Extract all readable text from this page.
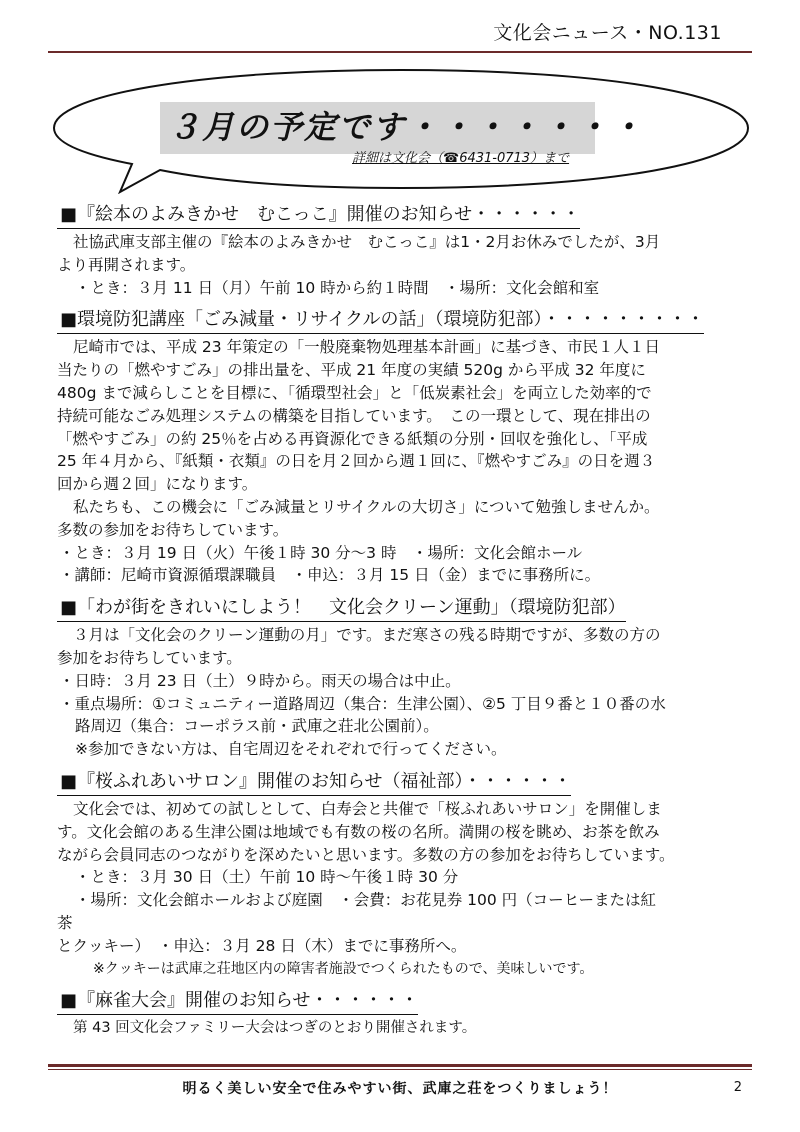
文化会ニュース・NO.131
３月の予定です・・・・・・・
詳細は文化会（☎6431-0713）まで
■『絵本のよみきかせ　むこっこ』開催のお知らせ・・・・・・

社協武庫支部主催の『絵本のよみきかせ　むこっこ』は1・2月お休みでしたが、3月

より再開されます。

・とき：３月 11 日（月）午前 10 時から約１時間　・場所：文化会館和室

■環境防犯講座「ごみ減量・リサイクルの話」（環境防犯部）・・・・・・・・・

尼崎市では、平成 23 年策定の「一般廃棄物処理基本計画」に基づき、市民１人１日

当たりの「燃やすごみ」の排出量を、平成 21 年度の実績 520g から平成 32 年度に

480g まで減らしことを目標に、「循環型社会」と「低炭素社会」を両立した効率的で

持続可能なごみ処理システムの構築を目指しています。　この一環として、現在排出の

「燃やすごみ」の約 25％を占める再資源化できる紙類の分別・回収を強化し、「平成

25 年４月から、『紙類・衣類』の日を月２回から週１回に、『燃やすごみ』の日を週３

回から週２回」になります。

私たちも、この機会に「ごみ減量とリサイクルの大切さ」について勉強しませんか。

多数の参加をお待ちしています。

・とき：３月 19 日（火）午後１時 30 分～3 時　・場所：文化会館ホール

・講師：尼崎市資源循環課職員　・申込：３月 15 日（金）までに事務所に。

■「わが街をきれいにしよう！　文化会クリーン運動」（環境防犯部）

３月は「文化会のクリーン運動の月」です。まだ寒さの残る時期ですが、多数の方の

参加をお待ちしています。

・日時：３月 23 日（土）９時から。雨天の場合は中止。

・重点場所：①コミュニティー道路周辺（集合：生津公園）、②5 丁目９番と１０番の水

路周辺（集合：コーポラス前・武庫之荘北公園前）。

※参加できない方は、自宅周辺をそれぞれで行ってください。

■『桜ふれあいサロン』開催のお知らせ（福祉部）・・・・・・

文化会では、初めての試しとして、白寿会と共催で「桜ふれあいサロン」を開催しま

す。文化会館のある生津公園は地域でも有数の桜の名所。満開の桜を眺め、お茶を飲み

ながら会員同志のつながりを深めたいと思います。多数の方の参加をお待ちしています。

・とき：３月 30 日（土）午前 10 時～午後１時 30 分

・場所：文化会館ホールおよび庭園　・会費：お花見券 100 円（コーヒーまたは紅

茶

とクッキー）　・申込：３月 28 日（木）までに事務所へ。

※クッキーは武庫之荘地区内の障害者施設でつくられたもので、美味しいです。

■『麻雀大会』開催のお知らせ・・・・・・

第 43 回文化会ファミリー大会はつぎのとおり開催されます。

明るく美しい安全で住みやすい街、武庫之荘をつくりましょう！	2
